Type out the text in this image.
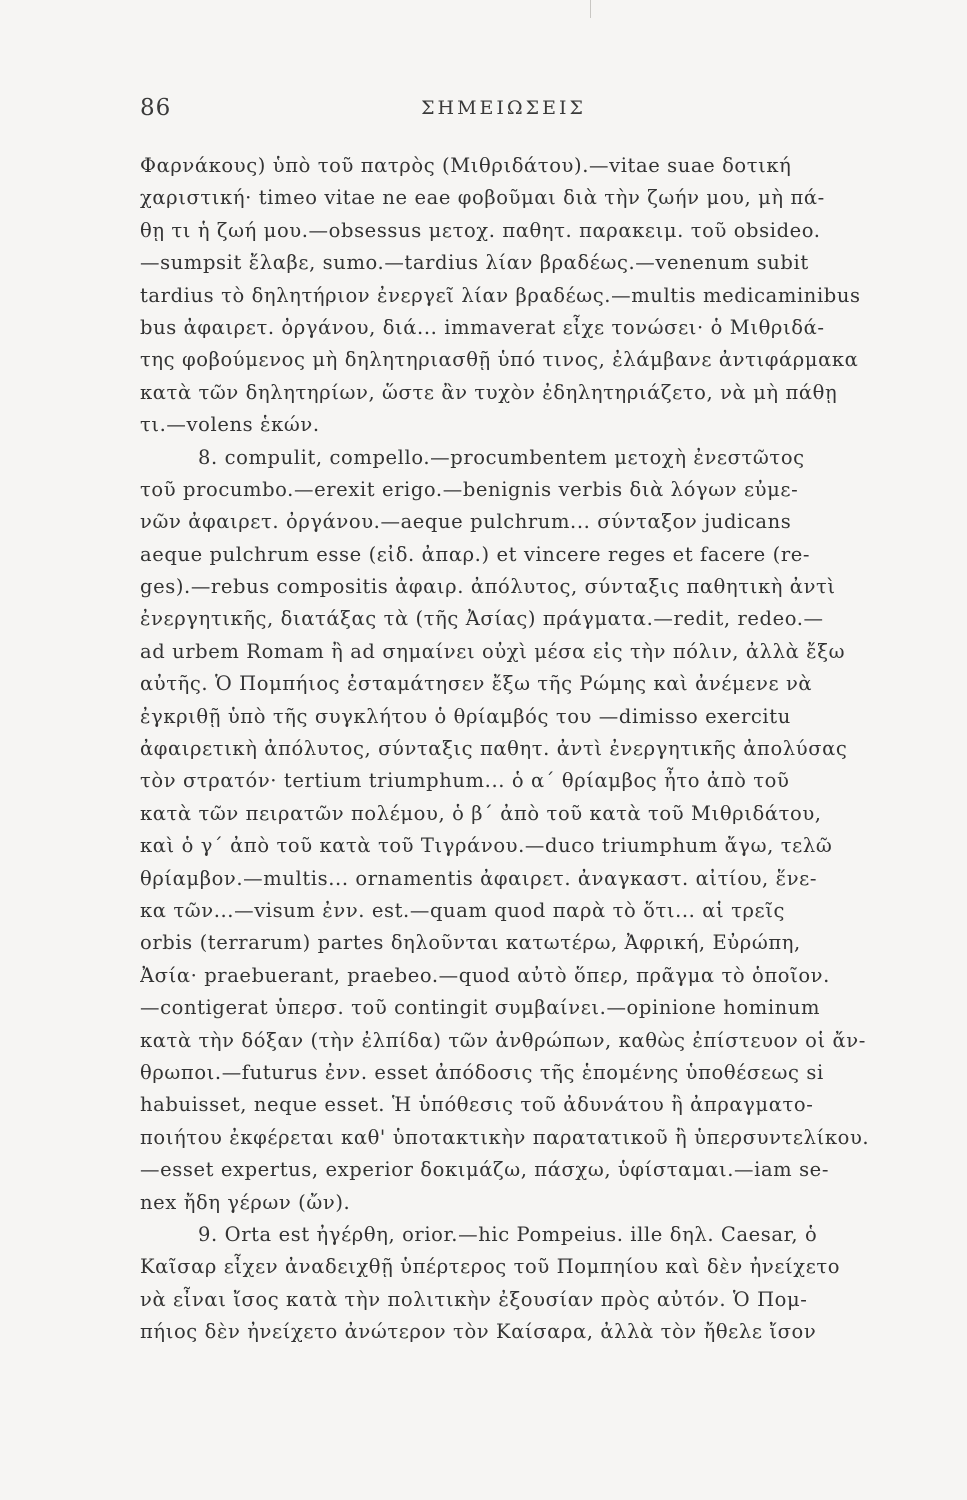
86	ΣΗΜΕΙΩΣΕΙΣ
Φαρνάκους) ὑπὸ τοῦ πατρὸς (Μιθριδάτου).—vitae suae δοτική
χαριστική· timeo vitae ne eae φοβοῦμαι διὰ τὴν ζωήν μου, μὴ πά-
θῃ τι ἡ ζωή μου.—obsessus μετοχ. παθητ. παρακειμ. τοῦ obsideo.
—sumpsit ἔλαβε, sumo.—tardius λίαν βραδέως.—venenum subit
tardius τὸ δηλητήριον ἐνεργεῖ λίαν βραδέως.—multis medicaminibus
bus ἀφαιρετ. ὀργάνου, διά... immaverat εἶχε τονώσει· ὁ Μιθριδά-
της φοβούμενος μὴ δηλητηριασθῇ ὑπό τινος, ἐλάμβανε ἀντιφάρμακα
κατὰ τῶν δηλητηρίων, ὥστε ἂν τυχὸν ἐδηλητηριάζετο, νὰ μὴ πάθῃ
τι.—volens ἑκών.
8. compulit, compello.—procumbentem μετοχὴ ἐνεστῶτος
τοῦ procumbo.—erexit erigo.—benignis verbis διὰ λόγων εὐμε-
νῶν ἀφαιρετ. ὀργάνου.—aeque pulchrum... σύνταξον judicans
aeque pulchrum esse (εἰδ. ἀπαρ.) et vincere reges et facere (re-
ges).—rebus compositis ἀφαιρ. ἀπόλυτος, σύνταξις παθητικὴ ἀντὶ
ἐνεργητικῆς, διατάξας τὰ (τῆς Ἀσίας) πράγματα.—redit, redeo.—
ad urbem Romam ἢ ad σημαίνει οὐχὶ μέσα εἰς τὴν πόλιν, ἀλλὰ ἔξω
αὐτῆς. Ὁ Πομπήιος ἐσταμάτησεν ἔξω τῆς Ρώμης καὶ ἀνέμενε νὰ
ἐγκριθῇ ὑπὸ τῆς συγκλήτου ὁ θρίαμβός του —dimisso exercitu
ἀφαιρετικὴ ἀπόλυτος, σύνταξις παθητ. ἀντὶ ἐνεργητικῆς ἀπολύσας
τὸν στρατόν· tertium triumphum... ὁ α´ θρίαμβος ἦτο ἀπὸ τοῦ
κατὰ τῶν πειρατῶν πολέμου, ὁ β´ ἀπὸ τοῦ κατὰ τοῦ Μιθριδάτου,
καὶ ὁ γ´ ἀπὸ τοῦ κατὰ τοῦ Τιγράνου.—duco triumphum ἄγω, τελῶ
θρίαμβον.—multis... ornamentis ἀφαιρετ. ἀναγκαστ. αἰτίου, ἕνε-
κα τῶν...—visum ἐνν. est.—quam quod παρὰ τὸ ὅτι... αἱ τρεῖς
orbis (terrarum) partes δηλοῦνται κατωτέρω, Ἀφρική, Εὐρώπη,
Ἀσία· praebuerant, praebeo.—quod αὐτὸ ὅπερ, πρᾶγμα τὸ ὁποῖον.
—contigerat ὑπερσ. τοῦ contingit συμβαίνει.—opinione hominum
κατὰ τὴν δόξαν (τὴν ἐλπίδα) τῶν ἀνθρώπων, καθὼς ἐπίστευον οἱ ἄν-
θρωποι.—futurus ἐνν. esset ἀπόδοσις τῆς ἑπομένης ὑποθέσεως si
habuisset, neque esset. Ἡ ὑπόθεσις τοῦ ἀδυνάτου ἢ ἀπραγματο-
ποιήτου ἐκφέρεται καθ' ὑποτακτικὴν παρατατικοῦ ἢ ὑπερσυντελίκου.
—esset expertus, experior δοκιμάζω, πάσχω, ὑφίσταμαι.—iam se-
nex ἤδη γέρων (ὤν).
9. Orta est ἠγέρθη, orior.—hic Pompeius. ille δηλ. Caesar, ὁ
Καῖσαρ εἶχεν ἀναδειχθῇ ὑπέρτερος τοῦ Πομπηίου καὶ δὲν ἠνείχετο
νὰ εἶναι ἴσος κατὰ τὴν πολιτικὴν ἐξουσίαν πρὸς αὐτόν. Ὁ Πομ-
πήιος δὲν ἠνείχετο ἀνώτερον τὸν Καίσαρα, ἀλλὰ τὸν ἤθελε ἴσον
